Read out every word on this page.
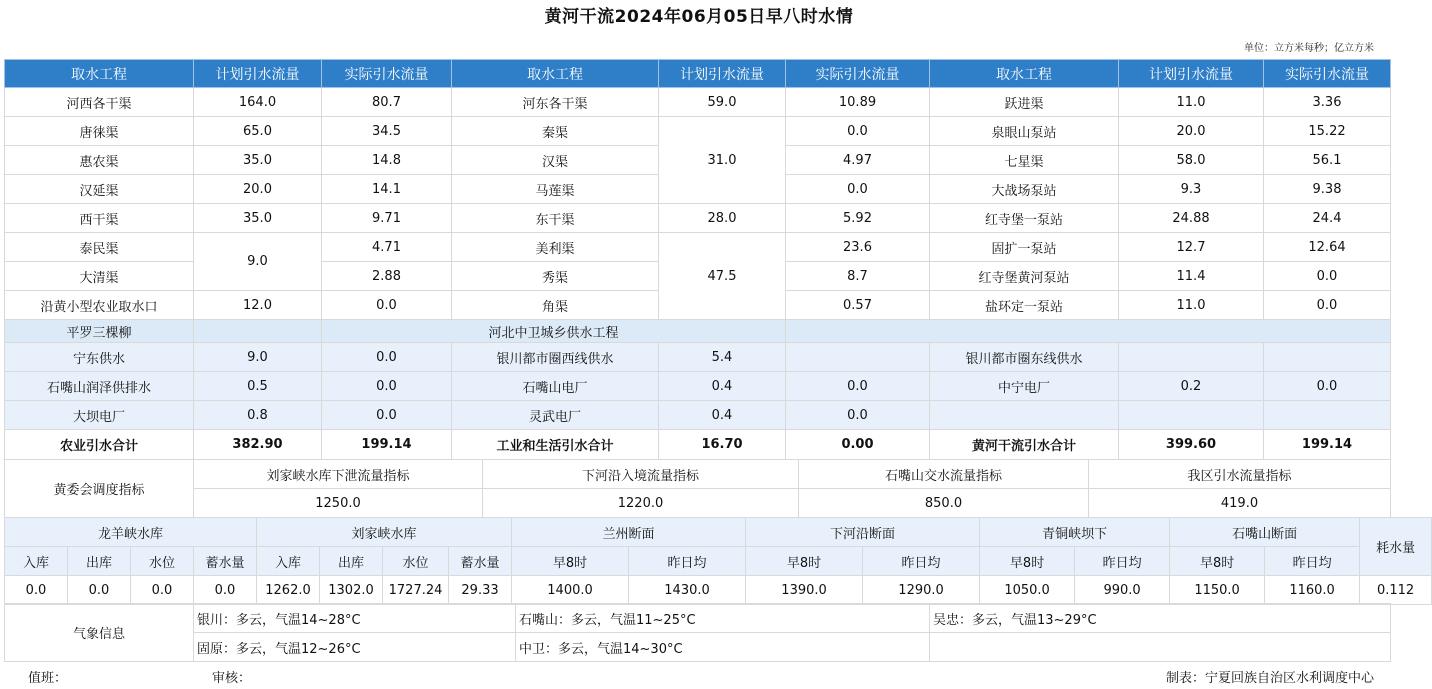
黄河干流2024年06月05日早八时水情
单位：立方米每秒；亿立方米
取水工程	计划引水流量	实际引水流量	取水工程	计划引水流量	实际引水流量	取水工程	计划引水流量	实际引水流量
河西各干渠	164.0	80.7	河东各干渠	59.0	10.89	跃进渠	11.0	3.36
唐徕渠	65.0	34.5	秦渠	31.0	0.0	泉眼山泵站	20.0	15.22
惠农渠	35.0	14.8	汉渠		4.97	七星渠	58.0	56.1
汉延渠	20.0	14.1	马莲渠		0.0	大战场泵站	9.3	9.38
西干渠	35.0	9.71	东干渠	28.0	5.92	红寺堡一泵站	24.88	24.4
泰民渠	9.0	4.71	美利渠	47.5	23.6	固扩一泵站	12.7	12.64
大清渠		2.88	秀渠		8.7	红寺堡黄河泵站	11.4	0.0
沿黄小型农业取水口	12.0	0.0	角渠		0.57	盐环定一泵站	11.0	0.0
平罗三棵柳		河北中卫城乡供水工程						
宁东供水	9.0	0.0	银川都市圈西线供水	5.4		银川都市圈东线供水		
石嘴山润泽供排水	0.5	0.0	石嘴山电厂	0.4	0.0	中宁电厂	0.2	0.0
大坝电厂	0.8	0.0	灵武电厂	0.4	0.0			
农业引水合计	382.90	199.14	工业和生活引水合计	16.70	0.00	黄河干流引水合计	399.60	199.14
黄委会调度指标	刘家峡水库下泄流量指标	下河沿入境流量指标	石嘴山交水流量指标	我区引水流量指标
	1250.0	1220.0	850.0	419.0
龙羊峡水库				刘家峡水库				兰州断面		下河沿断面		青铜峡坝下		石嘴山断面		耗水量
入库	出库	水位	蓄水量	入库	出库	水位	蓄水量	早8时	昨日均	早8时	昨日均	早8时	昨日均	早8时	昨日均	
0.0	0.0	0.0	0.0	1262.0	1302.0	1727.24	29.33	1400.0	1430.0	1390.0	1290.0	1050.0	990.0	1150.0	1160.0	0.112
气象信息	银川：多云，气温14~28°C	石嘴山：多云，气温11~25°C	吴忠：多云，气温13~29°C
	固原：多云，气温12~26°C	中卫：多云，气温14~30°C	
值班：	审核：	制表：宁夏回族自治区水利调度中心
